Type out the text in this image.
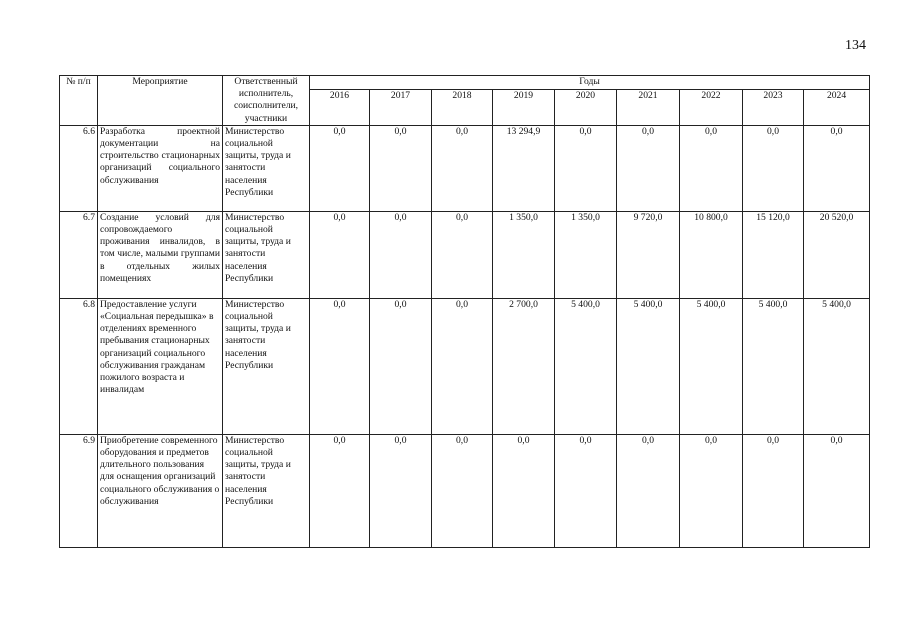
134
№ п/п	Мероприятие	Ответственный исполнитель, соисполнители, участники	Годы								
			2016	2017	2018	2019	2020	2021	2022	2023	2024
6.6	Разработка проектной документации на строительство стационарных организаций социального обслуживания	Министерство социальной защиты, труда и занятости населения Республики	0,0	0,0	0,0	13 294,9	0,0	0,0	0,0	0,0	0,0
6.7	Создание условий для сопровождаемого проживания инвалидов, в том числе, малыми группами в отдельных жилых помещениях	Министерство социальной защиты, труда и занятости населения Республики	0,0	0,0	0,0	1 350,0	1 350,0	9 720,0	10 800,0	15 120,0	20 520,0
6.8	Предоставление услуги «Социальная передышка» в отделениях временного пребывания стационарных организаций социального обслуживания гражданам пожилого возраста и инвалидам	Министерство социальной защиты, труда и занятости населения Республики	0,0	0,0	0,0	2 700,0	5 400,0	5 400,0	5 400,0	5 400,0	5 400,0
6.9	Приобретение современного оборудования и предметов длительного пользования для оснащения организаций социального обслуживания о обслуживания	Министерство социальной защиты, труда и занятости населения Республики	0,0	0,0	0,0	0,0	0,0	0,0	0,0	0,0	0,0
